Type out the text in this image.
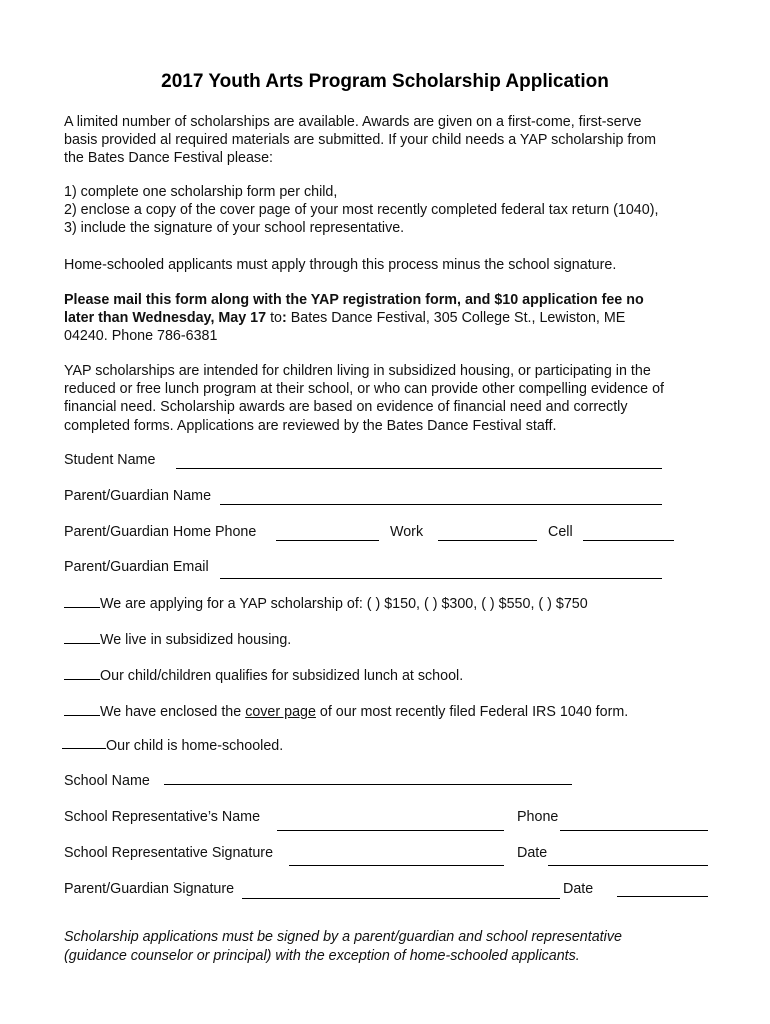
2017 Youth Arts Program Scholarship Application

A limited number of scholarships are available. Awards are given on a first-come, first-serve
basis provided al required materials are submitted. If your child needs a YAP scholarship from
the Bates Dance Festival please:

1) complete one scholarship form per child,
2) enclose a copy of the cover page of your most recently completed federal tax return (1040),
3) include the signature of your school representative.

Home-schooled applicants must apply through this process minus the school signature.

Please mail this form along with the YAP registration form, and $10 application fee no
later than Wednesday, May 17 to: Bates Dance Festival, 305 College St., Lewiston, ME
04240. Phone 786-6381

YAP scholarships are intended for children living in subsidized housing, or participating in the
reduced or free lunch program at their school, or who can provide other compelling evidence of
financial need. Scholarship awards are based on evidence of financial need and correctly
completed forms. Applications are reviewed by the Bates Dance Festival staff.

Student Name
Parent/Guardian Name
Parent/Guardian Home Phone	Work	Cell
Parent/Guardian Email
We are applying for a YAP scholarship of: ( ) $150, ( ) $300, ( ) $550, ( ) $750
We live in subsidized housing.
Our child/children qualifies for subsidized lunch at school.
We have enclosed the cover page of our most recently filed Federal IRS 1040 form.
Our child is home-schooled.
School Name
School Representative’s Name	Phone
School Representative Signature	Date
Parent/Guardian Signature	Date

Scholarship applications must be signed by a parent/guardian and school representative
(guidance counselor or principal) with the exception of home-schooled applicants.
